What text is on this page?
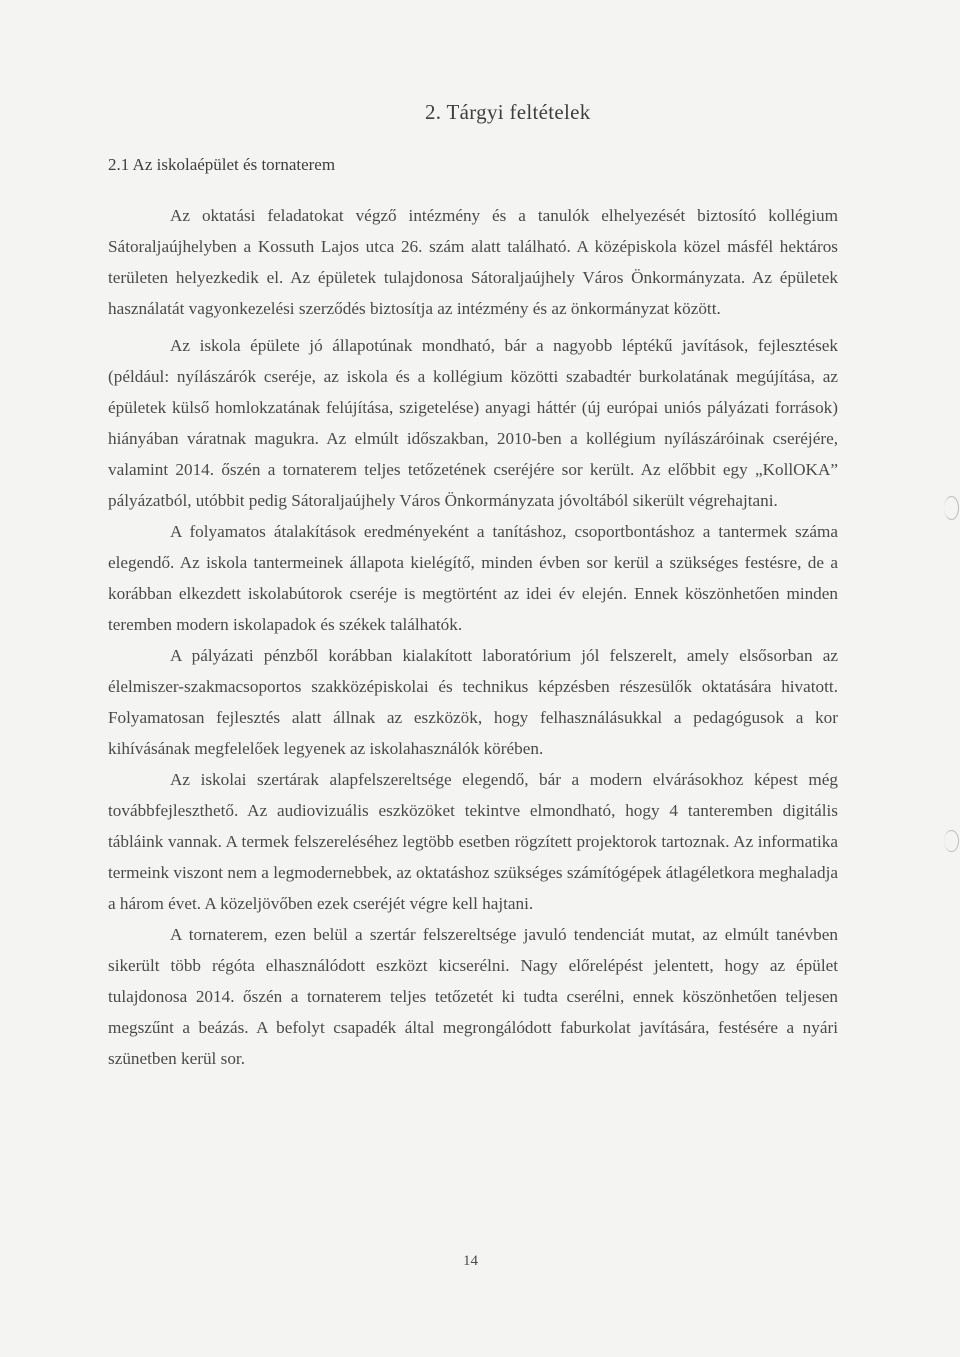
2. Tárgyi feltételek
2.1 Az iskolaépület és tornaterem

Az oktatási feladatokat végző intézmény és a tanulók elhelyezését biztosító kollégium Sátoraljaújhelyben a Kossuth Lajos utca 26. szám alatt található. A középiskola közel másfél hektáros területen helyezkedik el. Az épületek tulajdonosa Sátoraljaújhely Város Önkormányzata. Az épületek használatát vagyonkezelési szerződés biztosítja az intézmény és az önkormányzat között.

Az iskola épülete jó állapotúnak mondható, bár a nagyobb léptékű javítások, fejlesztések (például: nyílászárók cseréje, az iskola és a kollégium közötti szabadtér burkolatának megújítása, az épületek külső homlokzatának felújítása, szigetelése) anyagi háttér (új európai uniós pályázati források) hiányában váratnak magukra. Az elmúlt időszakban, 2010-ben a kollégium nyílászáróinak cseréjére, valamint 2014. őszén a tornaterem teljes tetőzetének cseréjére sor került. Az előbbit egy „KollOKA” pályázatból, utóbbit pedig Sátoraljaújhely Város Önkormányzata jóvoltából sikerült végrehajtani.

A folyamatos átalakítások eredményeként a tanításhoz, csoportbontáshoz a tantermek száma elegendő. Az iskola tantermeinek állapota kielégítő, minden évben sor kerül a szükséges festésre, de a korábban elkezdett iskolabútorok cseréje is megtörtént az idei év elején. Ennek köszönhetően minden teremben modern iskolapadok és székek találhatók.

A pályázati pénzből korábban kialakított laboratórium jól felszerelt, amely elsősorban az élelmiszer-szakmacsoportos szakközépiskolai és technikus képzésben részesülők oktatására hivatott. Folyamatosan fejlesztés alatt állnak az eszközök, hogy felhasználásukkal a pedagógusok a kor kihívásának megfelelőek legyenek az iskolahasználók körében.

Az iskolai szertárak alapfelszereltsége elegendő, bár a modern elvárásokhoz képest még továbbfejleszthető. Az audiovizuális eszközöket tekintve elmondható, hogy 4 tanteremben digitális tábláink vannak. A termek felszereléséhez legtöbb esetben rögzített projektorok tartoznak. Az informatika termeink viszont nem a legmodernebbek, az oktatáshoz szükséges számítógépek átlagéletkora meghaladja a három évet. A közeljövőben ezek cseréjét végre kell hajtani.

A tornaterem, ezen belül a szertár felszereltsége javuló tendenciát mutat, az elmúlt tanévben sikerült több régóta elhasználódott eszközt kicserélni. Nagy előrelépést jelentett, hogy az épület tulajdonosa 2014. őszén a tornaterem teljes tetőzetét ki tudta cserélni, ennek köszönhetően teljesen megszűnt a beázás. A befolyt csapadék által megrongálódott faburkolat javítására, festésére a nyári szünetben kerül sor.

14
